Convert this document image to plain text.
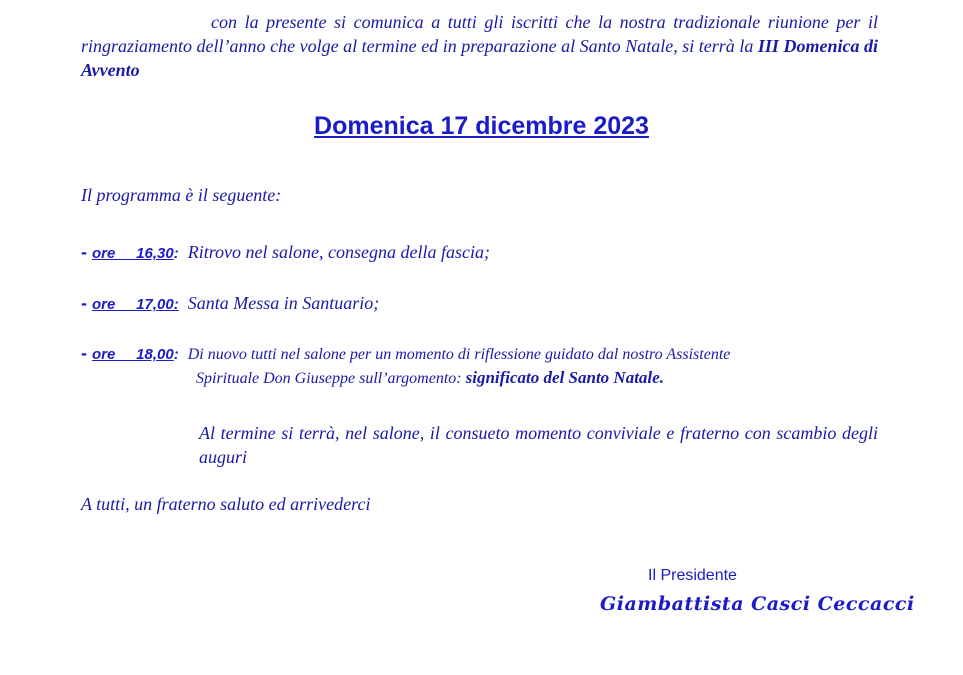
con la presente si comunica a tutti gli iscritti che la nostra tradizionale riunione per il ringraziamento dell’anno che volge al termine ed in preparazione al Santo Natale, si terrà la III Domenica di Avvento

Domenica 17 dicembre 2023

Il programma è il seguente:

- ore     16,30: Ritrovo nel salone, consegna della fascia;
- ore     17,00: Santa Messa in Santuario;
- ore     18,00: Di nuovo tutti nel salone per un momento di riflessione guidato dal nostro Assistente
Spirituale Don Giuseppe sull’argomento: significato del Santo Natale.

Al termine si terrà, nel salone, il consueto momento conviviale e fraterno con scambio degli auguri

A tutti, un fraterno saluto ed arrivederci

Il Presidente

Giambattista Casci Ceccacci
